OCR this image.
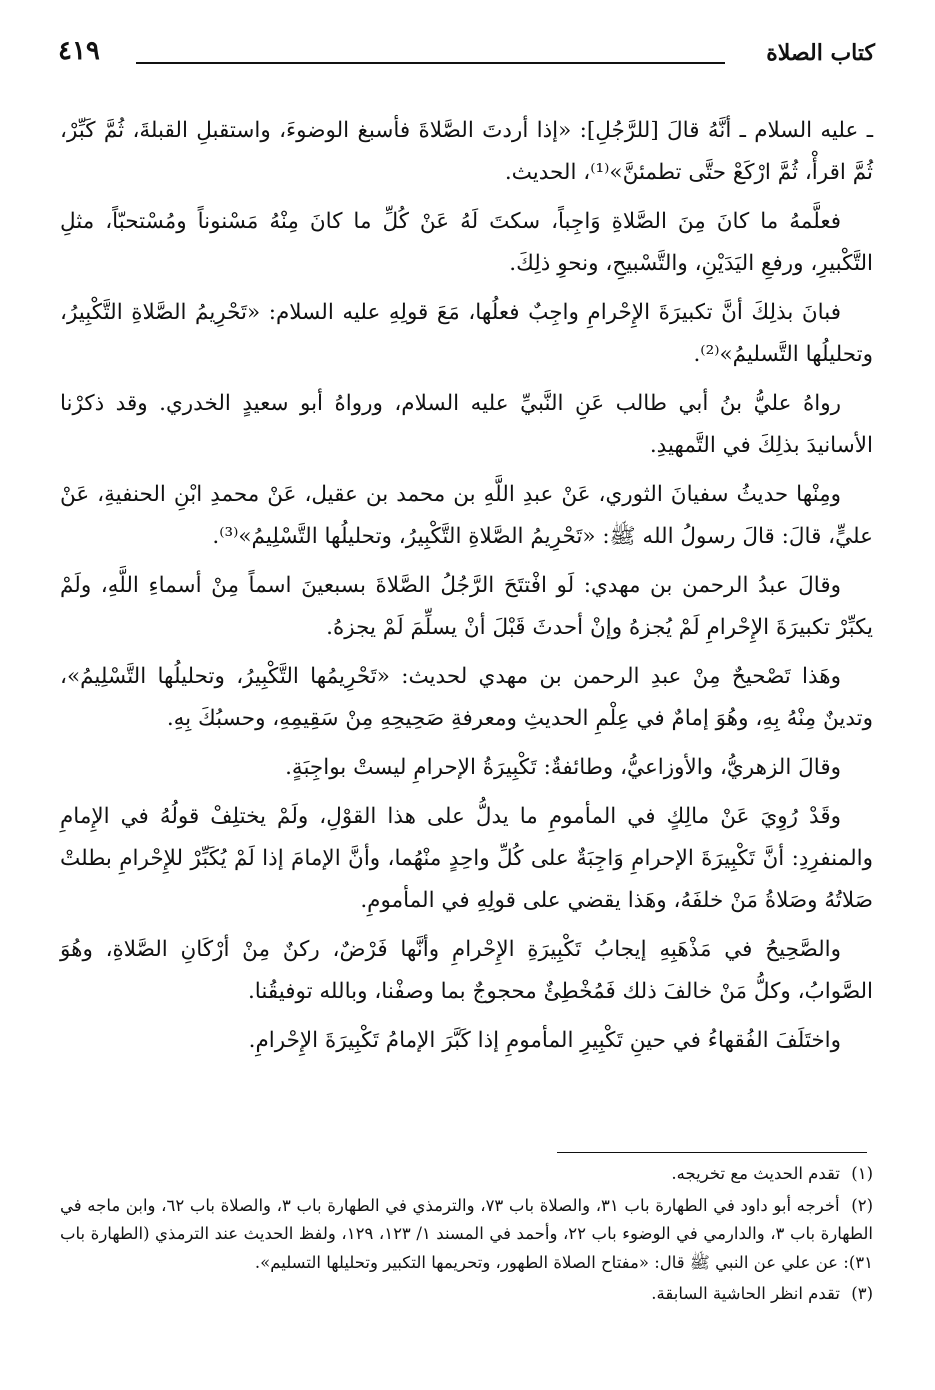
كتاب الصلاة
٤١٩

ـ عليه السلام ـ أنَّهُ قالَ [للرَّجُلِ]: «إذا أردتَ الصَّلاةَ فأسبغ الوضوءَ، واستقبلِ القبلةَ، ثُمَّ كَبِّرْ، ثُمَّ اقرأْ، ثُمَّ ارْكَعْ حتَّى تطمئنَّ»⁽¹⁾، الحديث.

فعلَّمهُ ما كانَ مِنَ الصَّلاةِ وَاجِباً، سكتَ لَهُ عَنْ كُلِّ ما كانَ مِنْهُ مَسْنوناً ومُسْتحبّاً، مثلِ التَّكْبيرِ، ورفعِ اليَدَيْنِ، والتَّسْبيحِ، ونحوِ ذلِكَ.

فبانَ بذلِكَ أنَّ تكبيرَةَ الإِحْرامِ واجِبٌ فعلُها، مَعَ قولِهِ عليه السلام: «تَحْرِيمُ الصَّلاةِ التَّكْبِيرُ، وتحليلُها التَّسليمُ»⁽²⁾.

رواهُ عليُّ بنُ أبي طالب عَنِ النَّبيِّ عليه السلام، ورواهُ أبو سعيدٍ الخدري. وقد ذكرْنا الأسانيدَ بذلِكَ في التَّمهيدِ.

ومِنْها حديثُ سفيانَ الثوري، عَنْ عبدِ اللَّهِ بن محمد بن عقيل، عَنْ محمدِ ابْنِ الحنفيةِ، عَنْ عليٍّ، قالَ: قالَ رسولُ الله ﷺ: «تَحْرِيمُ الصَّلاةِ التَّكْبِيرُ، وتحليلُها التَّسْلِيمُ»⁽³⁾.

وقالَ عبدُ الرحمن بن مهدي: لَو افْتتَحَ الرَّجُلُ الصَّلاةَ بسبعينَ اسماً مِنْ أسماءِ اللَّهِ، ولَمْ يكبِّرْ تكبيرَةَ الإِحْرامِ لَمْ يُجزهُ وإنْ أحدثَ قَبْلَ أنْ يسلِّمَ لَمْ يجزهُ.

وهَذا تَصْحيحٌ مِنْ عبدِ الرحمن بن مهدي لحديث: «تَحْرِيمُها التَّكْبِيرُ، وتحليلُها التَّسْلِيمُ»، وتدينٌ مِنْهُ بِهِ، وهُوَ إمامٌ في عِلْمِ الحديثِ ومعرفةِ صَحِيحِهِ مِنْ سَقِيمِهِ، وحسبُكَ بِهِ.

وقالَ الزهريُّ، والأوزاعيُّ، وطائفةٌ: تَكْبِيرَةُ الإحرامِ ليستْ بواجِبَةٍ.

وقَدْ رُوِيَ عَنْ مالِكٍ في المأمومِ ما يدلُّ على هذا القوْلِ، ولَمْ يختلِفْ قولُهُ في الإِمامِ والمنفرِدِ: أنَّ تَكْبِيرَةَ الإحرامِ وَاجِبَةٌ على كُلِّ واحِدٍ منْهُما، وأنَّ الإمامَ إذا لَمْ يُكَبِّرْ للإِحْرامِ بطلتْ صَلاتُهُ وصَلاةُ مَنْ خلفَهُ، وهَذا يقضي على قولِهِ في المأمومِ.

والصَّحِيحُ في مَذْهَبِهِ إيجابُ تَكْبِيرَةِ الإِحْرامِ وأنَّها فَرْضٌ، ركنٌ مِنْ أرْكَانِ الصَّلاةِ، وهُوَ الصَّوابُ، وكلُّ مَنْ خالفَ ذلك فَمُخْطِئٌ محجوجٌ بما وصفْنا، وبالله توفيقُنا.

واختَلَفَ الفُقهاءُ في حينِ تَكْبِيرِ المأمومِ إذا كَبَّرَ الإمامُ تَكْبِيرَةَ الإِحْرامِ.

(١) تقدم الحديث مع تخريجه.
(٢) أخرجه أبو داود في الطهارة باب ٣١، والصلاة باب ٧٣، والترمذي في الطهارة باب ٣، والصلاة باب ٦٢، وابن ماجه في الطهارة باب ٣، والدارمي في الوضوء باب ٢٢، وأحمد في المسند ١/ ١٢٣، ١٢٩، ولفظ الحديث عند الترمذي (الطهارة باب ٣١): عن علي عن النبي ﷺ قال: «مفتاح الصلاة الطهور، وتحريمها التكبير وتحليلها التسليم».
(٣) تقدم انظر الحاشية السابقة.
